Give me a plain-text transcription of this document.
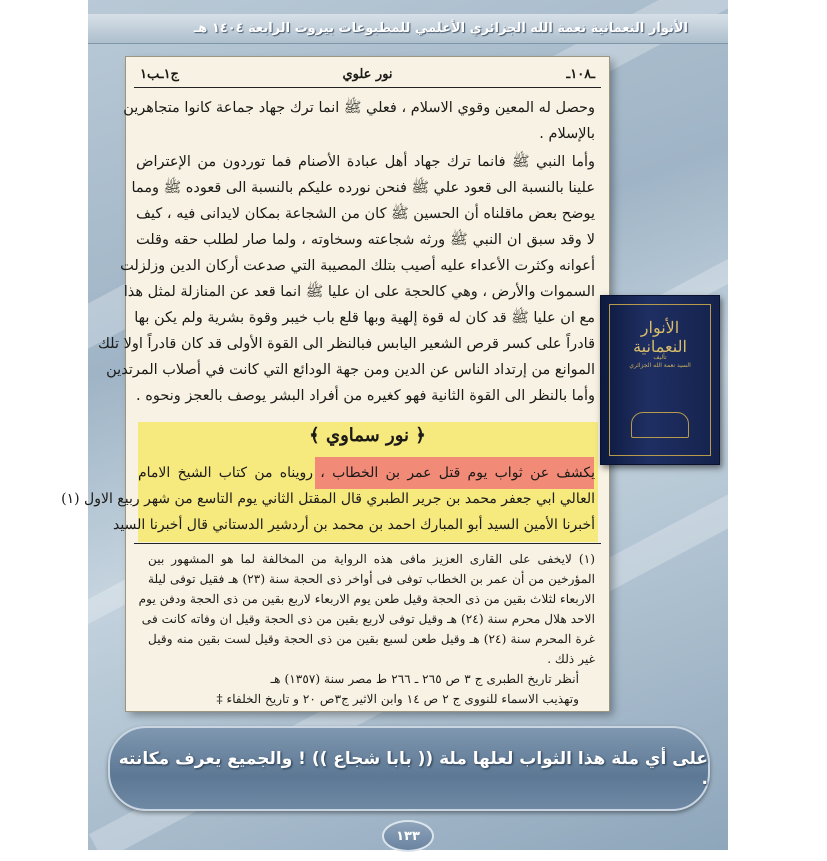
الأنوار النعمانية نعمة الله الجزائري الأعلمي للمطبوعات بيروت الرابعة ١٤٠٤ هـ
ج١ـب١	نور علوي	ـ١٠٨ـ
وحصل له المعين وقوي الاسلام ، فعلي ﷺ انما ترك جهاد جماعة كانوا متجاهرين
بالإسلام .
وأما النبي ﷺ فانما ترك جهاد أهل عبادة الأصنام فما توردون من الإعتراض
علينا بالنسبة الى قعود علي ﷺ فنحن نورده عليكم بالنسبة الى قعوده ﷺ ومما
يوضح بعض ماقلناه أن الحسين ﷺ كان من الشجاعة بمكان لايدانى فيه ، كيف
لا وقد سبق ان النبي ﷺ ورثه شجاعته وسخاوته ، ولما صار لطلب حقه وقلت
أعوانه وكثرت الأعداء عليه أصيب بتلك المصيبة التي صدعت أركان الدين وزلزلت
السموات والأرض ، وهي كالحجة على ان عليا ﷺ انما قعد عن المنازلة لمثل هذا
مع ان عليا ﷺ قد كان له قوة إلهية وبها قلع باب خيبر وقوة بشرية ولم يكن بها
قادراً على كسر قرص الشعير اليابس فبالنظر الى القوة الأولى قد كان قادراً اولا تلك
الموانع من إرتداد الناس عن الدين ومن جهة الودائع التي كانت في أصلاب المرتدين
وأما بالنظر الى القوة الثانية فهو كغيره من أفراد البشر يوصف بالعجز ونحوه .
﴿ نور سماوي ﴾
يكشف عن ثواب يوم قتل عمر بن الخطاب ، رويناه من كتاب الشيخ الامام
العالي ابي جعفر محمد بن جرير الطبري قال المقتل الثاني يوم التاسع من شهر ربيع الاول (١)
أخبرنا الأمين السيد أبو المبارك احمد بن محمد بن أردشير الدستاني قال أخبرنا السيد
(١) لايخفى على القارى العزيز مافى هذه الرواية من المخالفة لما هو المشهور بين
المؤرخين من أن عمر بن الخطاب توفى فى أواخر ذى الحجة سنة (٢٣) هـ فقيل توفى ليلة
الاربعاء لثلاث بقين من ذى الحجة وقيل طعن يوم الاربعاء لاربع بقين من ذى الحجة ودفن يوم
الاحد هلال محرم سنة (٢٤) هـ وقيل توفى لاربع بقين من ذى الحجة وقيل ان وفاته كانت فى
غرة المحرم سنة (٢٤) هـ وقيل طعن لسبع بقين من ذى الحجة وقيل لست بقين منه وقيل
غير ذلك .
أنظر تاريخ الطبرى ج ٣ ص ٢٦٥ ـ ٢٦٦ ط مصر سنة (١٣٥٧) هـ
وتهذيب الاسماء للنووى ج ٢ ص ١٤ وابن الاثير ج٣ص ٢٠ و تاريخ الخلفاء ‡
الأنوار النعمانية
تأليف
السيد نعمة الله الجزائري
على أي ملة هذا الثواب لعلها ملة (( بابا شجاع )) ! والجميع يعرف مكانته .
١٣٣
